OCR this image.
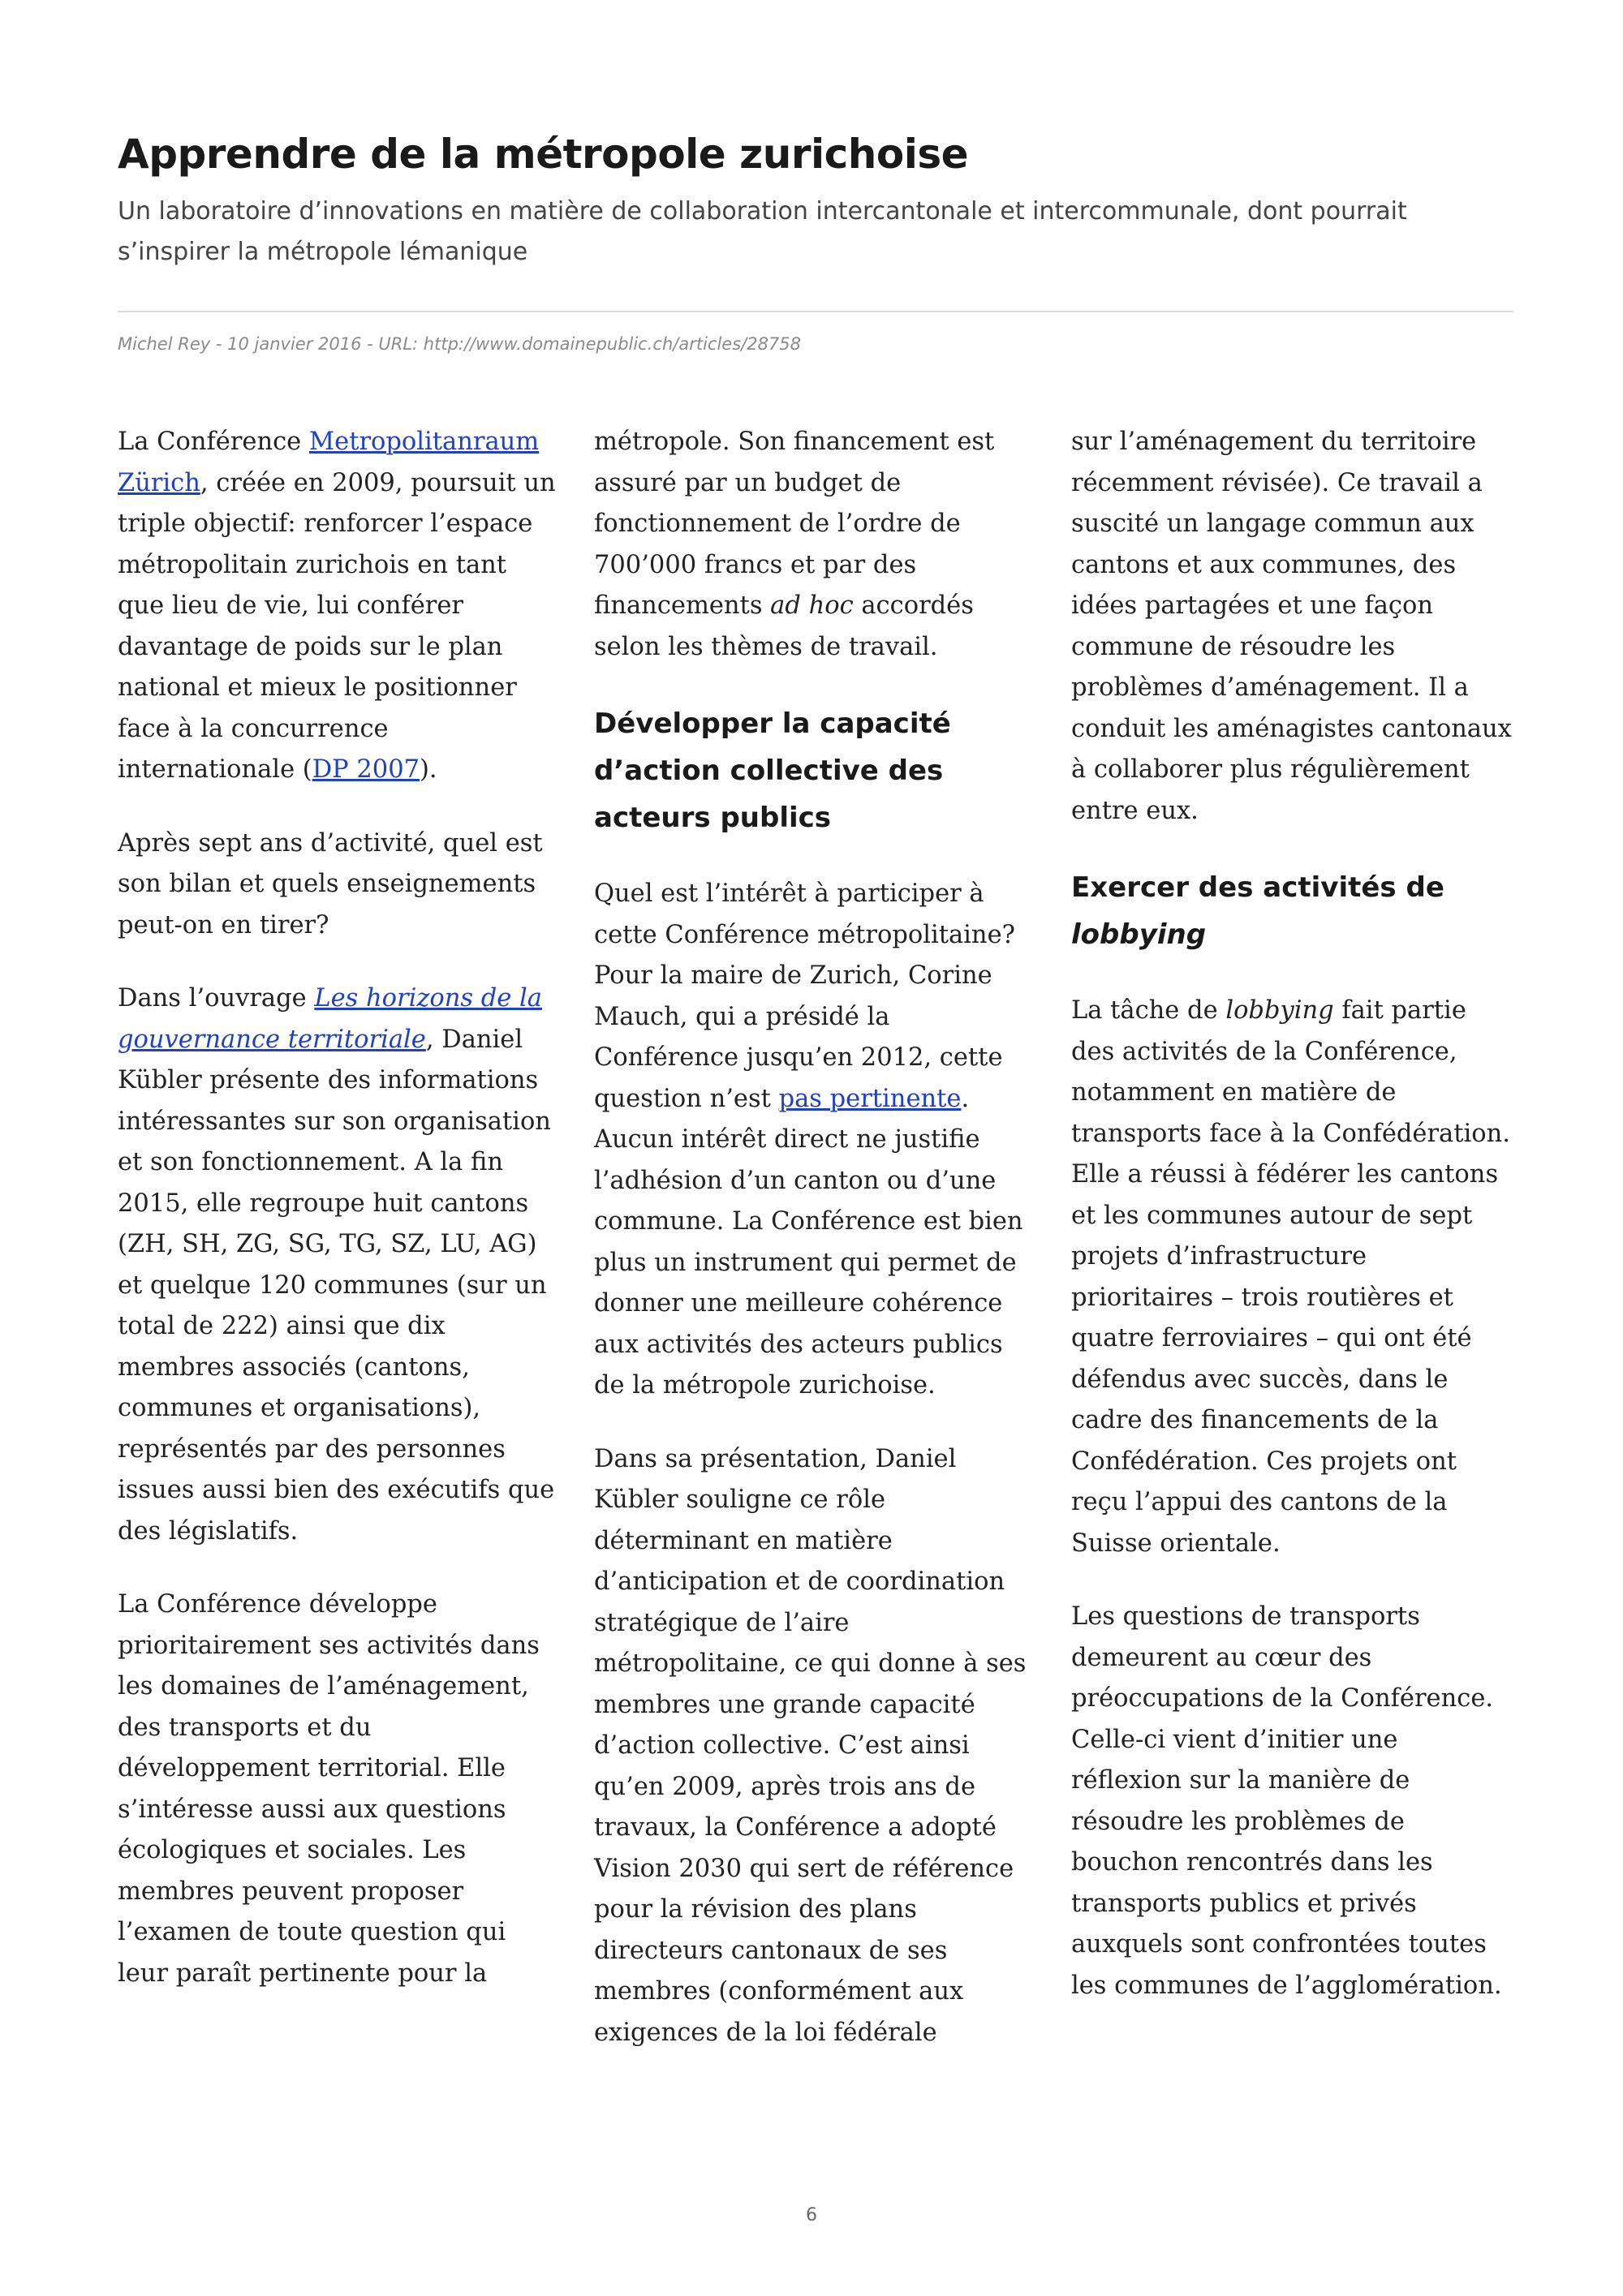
Apprendre de la métropole zurichoise
Un laboratoire d’innovations en matière de collaboration intercantonale et intercommunale, dont pourrait s’inspirer la métropole lémanique
Michel Rey - 10 janvier 2016 - URL: http://www.domainepublic.ch/articles/28758

La Conférence Metropolitanraum Zürich, créée en 2009, poursuit un triple objectif: renforcer l’espace métropolitain zurichois en tant que lieu de vie, lui conférer davantage de poids sur le plan national et mieux le positionner face à la concurrence internationale (DP 2007).

Après sept ans d’activité, quel est son bilan et quels enseignements peut-on en tirer?

Dans l’ouvrage Les horizons de la gouvernance territoriale, Daniel Kübler présente des informations intéressantes sur son organisation et son fonctionnement. A la fin 2015, elle regroupe huit cantons (ZH, SH, ZG, SG, TG, SZ, LU, AG) et quelque 120 communes (sur un total de 222) ainsi que dix membres associés (cantons, communes et organisations), représentés par des personnes issues aussi bien des exécutifs que des législatifs.

La Conférence développe prioritairement ses activités dans les domaines de l’aménagement, des transports et du développement territorial. Elle s’intéresse aussi aux questions écologiques et sociales. Les membres peuvent proposer l’examen de toute question qui leur paraît pertinente pour la

métropole. Son financement est assuré par un budget de fonctionnement de l’ordre de 700’000 francs et par des financements ad hoc accordés selon les thèmes de travail.

Développer la capacité d’action collective des acteurs publics

Quel est l’intérêt à participer à cette Conférence métropolitaine? Pour la maire de Zurich, Corine Mauch, qui a présidé la Conférence jusqu’en 2012, cette question n’est pas pertinente. Aucun intérêt direct ne justifie l’adhésion d’un canton ou d’une commune. La Conférence est bien plus un instrument qui permet de donner une meilleure cohérence aux activités des acteurs publics de la métropole zurichoise.

Dans sa présentation, Daniel Kübler souligne ce rôle déterminant en matière d’anticipation et de coordination stratégique de l’aire métropolitaine, ce qui donne à ses membres une grande capacité d’action collective. C’est ainsi qu’en 2009, après trois ans de travaux, la Conférence a adopté Vision 2030 qui sert de référence pour la révision des plans directeurs cantonaux de ses membres (conformément aux exigences de la loi fédérale

sur l’aménagement du territoire récemment révisée). Ce travail a suscité un langage commun aux cantons et aux communes, des idées partagées et une façon commune de résoudre les problèmes d’aménagement. Il a conduit les aménagistes cantonaux à collaborer plus régulièrement entre eux.

Exercer des activités de lobbying

La tâche de lobbying fait partie des activités de la Conférence, notamment en matière de transports face à la Confédération. Elle a réussi à fédérer les cantons et les communes autour de sept projets d’infrastructure prioritaires – trois routières et quatre ferroviaires – qui ont été défendus avec succès, dans le cadre des financements de la Confédération. Ces projets ont reçu l’appui des cantons de la Suisse orientale.

Les questions de transports demeurent au cœur des préoccupations de la Conférence. Celle-ci vient d’initier une réflexion sur la manière de résoudre les problèmes de bouchon rencontrés dans les transports publics et privés auxquels sont confrontées toutes les communes de l’agglomération.

6
